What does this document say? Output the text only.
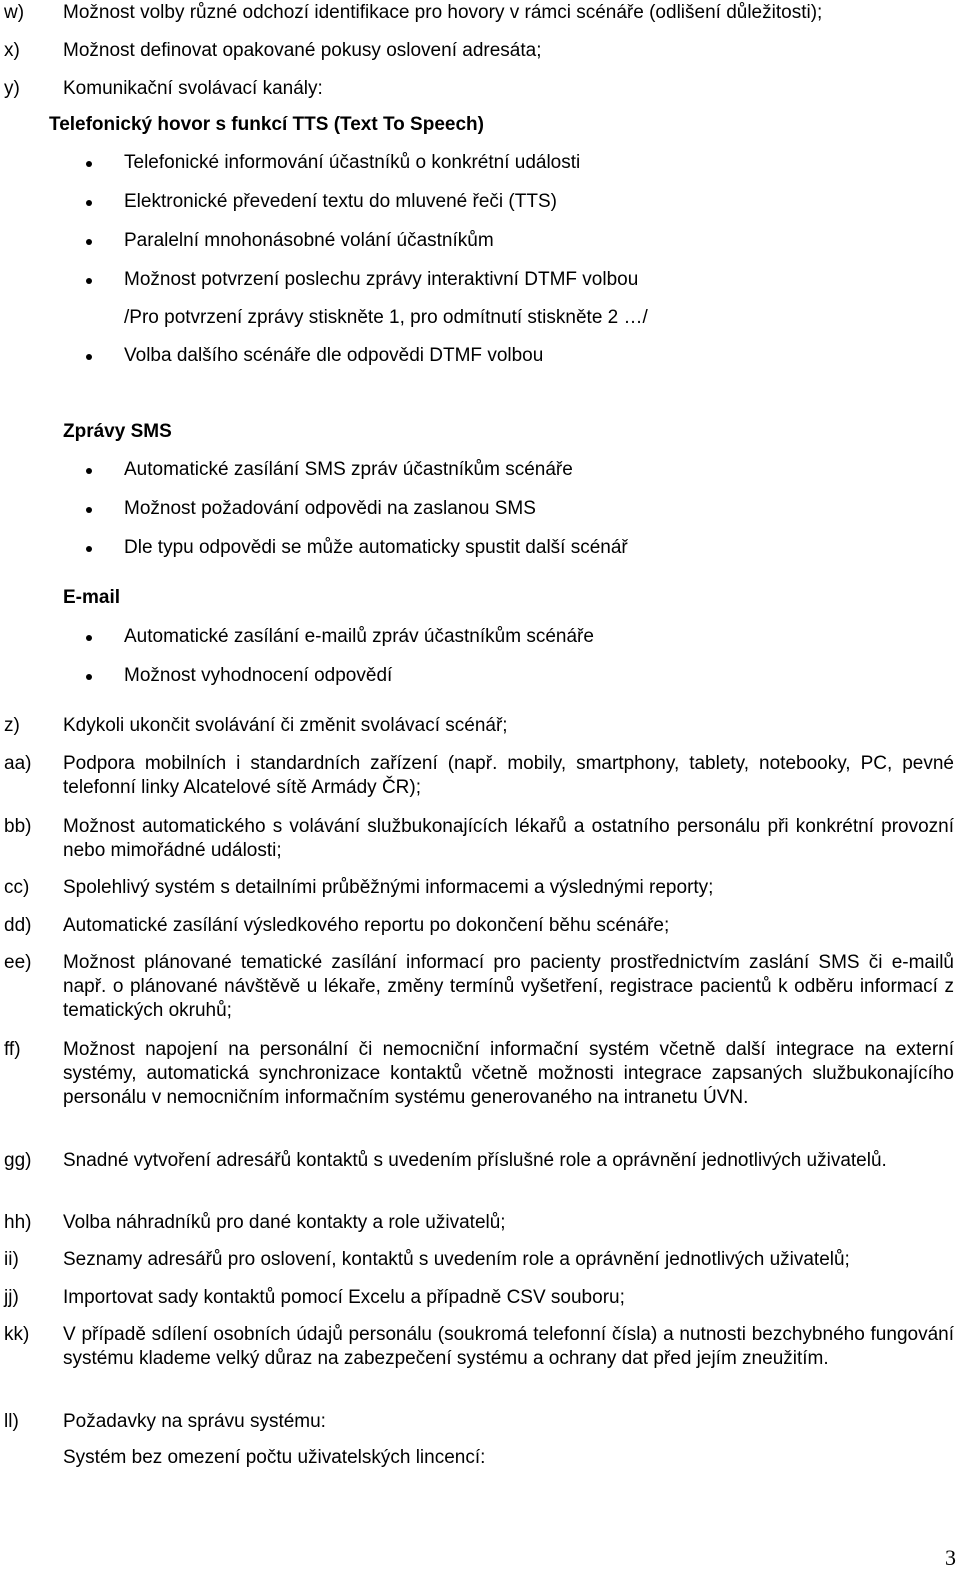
w) Možnost volby různé odchozí identifikace pro hovory v rámci scénáře (odlišení důležitosti);
x) Možnost definovat opakované pokusy oslovení adresáta;
y) Komunikační svolávací kanály:
Telefonický hovor s funkcí TTS (Text To Speech)
Telefonické informování účastníků o konkrétní události
Elektronické převedení textu do mluvené řeči (TTS)
Paralelní mnohonásobné volání účastníkům
Možnost potvrzení poslechu zprávy interaktivní DTMF volbou
/Pro potvrzení zprávy stiskněte 1, pro odmítnutí stiskněte 2 …/
Volba dalšího scénáře dle odpovědi DTMF volbou
Zprávy SMS
Automatické zasílání SMS zpráv účastníkům scénáře
Možnost požadování odpovědi na zaslanou SMS
Dle typu odpovědi se může automaticky spustit další scénář
E-mail
Automatické zasílání e-mailů zpráv účastníkům scénáře
Možnost vyhodnocení odpovědí
z) Kdykoli ukončit svolávání či změnit svolávací scénář;
aa) Podpora mobilních i standardních zařízení (např. mobily, smartphony, tablety, notebooky, PC, pevné telefonní linky Alcatelové sítě Armády ČR);
bb) Možnost automatického s volávání službukonajících lékařů a ostatního personálu při konkrétní provozní nebo mimořádné události;
cc) Spolehlivý systém s detailními průběžnými informacemi a výslednými reporty;
dd) Automatické zasílání výsledkového reportu po dokončení běhu scénáře;
ee) Možnost plánované tematické zasílání informací pro pacienty prostřednictvím zaslání SMS či e-mailů např. o plánované návštěvě u lékaře, změny termínů vyšetření, registrace pacientů k odběru informací z tematických okruhů;
ff) Možnost napojení na personální či nemocniční informační systém včetně další integrace na externí systémy, automatická synchronizace kontaktů včetně možnosti integrace zapsaných službukonajícího personálu v nemocničním informačním systému generovaného na intranetu ÚVN.
gg) Snadné vytvoření adresářů kontaktů s uvedením příslušné role a oprávnění jednotlivých uživatelů.
hh) Volba náhradníků pro dané kontakty a role uživatelů;
ii) Seznamy adresářů pro oslovení, kontaktů s uvedením role a oprávnění jednotlivých uživatelů;
jj) Importovat sady kontaktů pomocí Excelu a případně CSV souboru;
kk) V případě sdílení osobních údajů personálu (soukromá telefonní čísla) a nutnosti bezchybného fungování systému klademe velký důraz na zabezpečení systému a ochrany dat před jejím zneužitím.
ll) Požadavky na správu systému:
Systém bez omezení počtu uživatelských lincencí:
3
